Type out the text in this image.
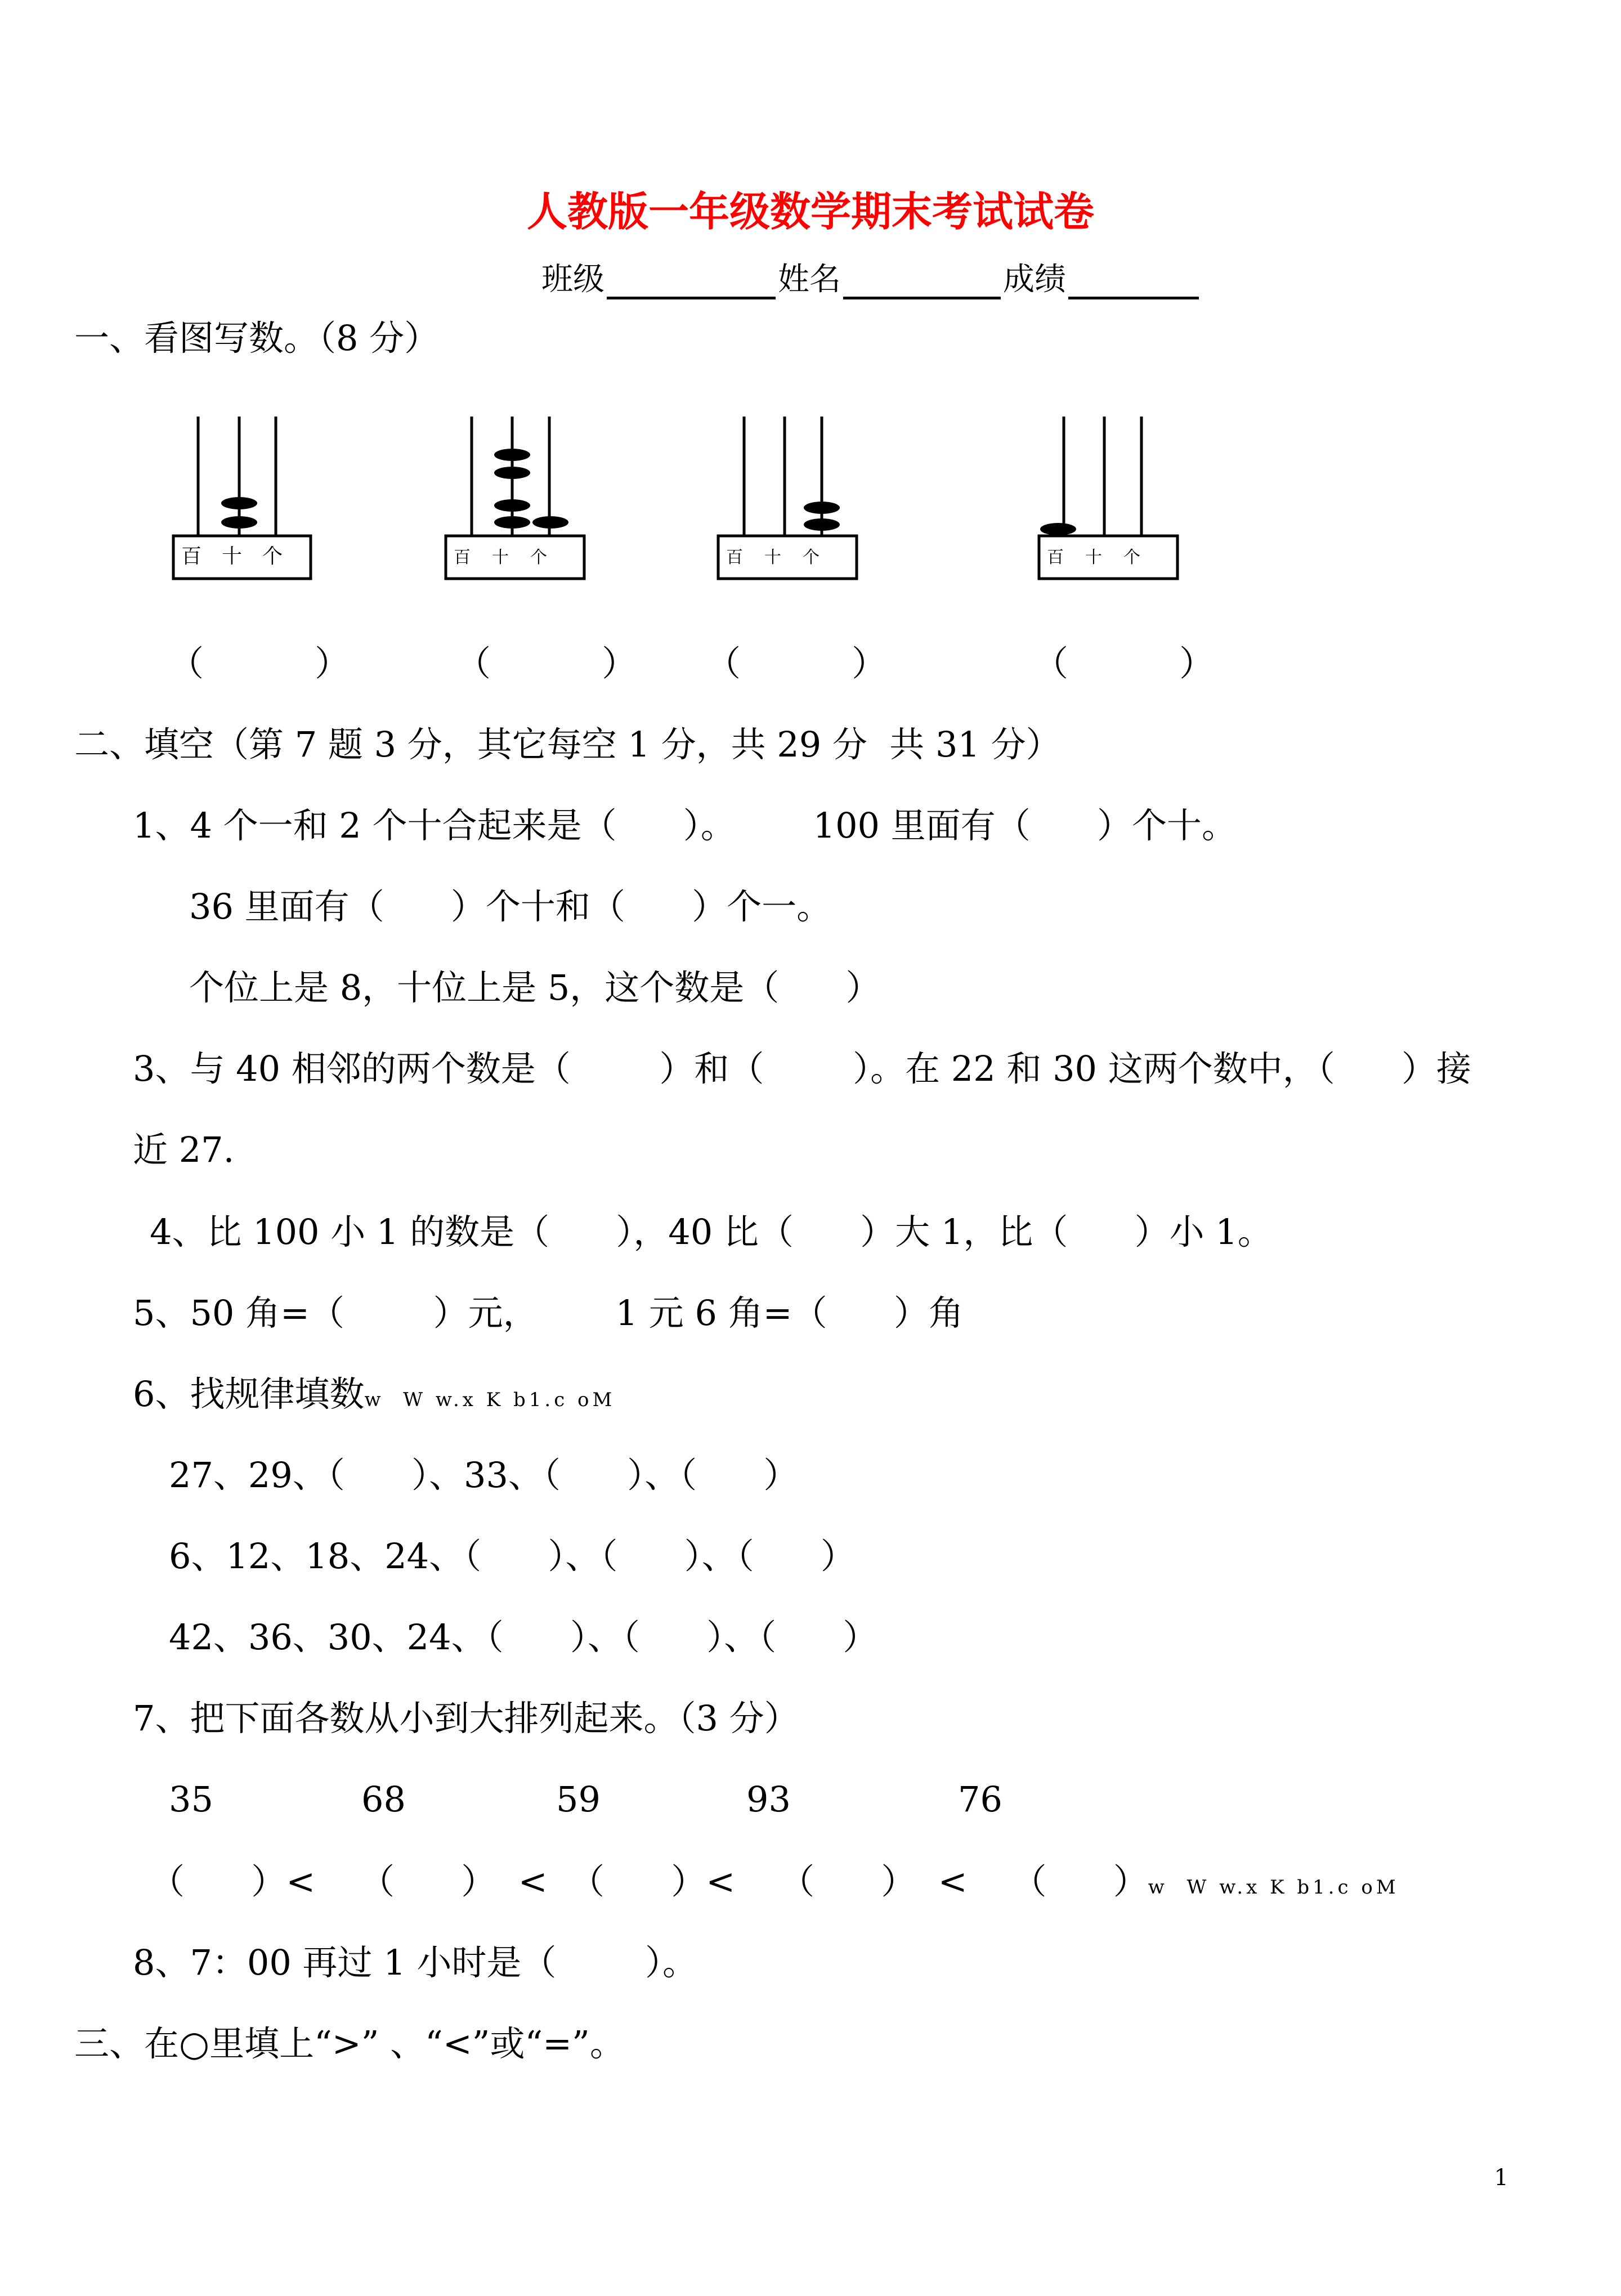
人教版一年级数学期末考试试卷
班级	姓名	成绩
一、看图写数。（8 分）
百 十 个	百 十 个	百 十 个	百 十 个
（          ）	（          ） （          ）	（          ）
二、填空（第 7 题 3 分，其它每空 1 分，共 29 分  共 31 分）
1、4 个一和 2 个十合起来是（      ）。       100 里面有（      ）个十。
36 里面有（      ）个十和（      ）个一。
个位上是 8，十位上是 5，这个数是（      ）
3、与 40 相邻的两个数是（        ）和（        ）。在 22 和 30 这两个数中，（      ）接
近 27.
4、比 100 小 1 的数是（      ），40 比（      ）大 1，比（      ）小 1。
5、50 角=（        ）元，       1 元 6 角=（      ）角
6、找规律填数w  W w.x K b1.c oM
27、29、（      ）、33、（      ）、（      ）
6、12、18、24、（      ）、（      ）、（      ）
42、36、30、24、（      ）、（      ）、（      ）
7、把下面各数从小到大排列起来。（3 分）
35	68	59	93	76
（      ）<    （      ）  <  （      ）<    （      ）  <    （      ）w  W w.x K b1.c oM
8、7：00 再过 1 小时是（        ）。
三、在○里填上“>” 、“<”或“=”。
1
